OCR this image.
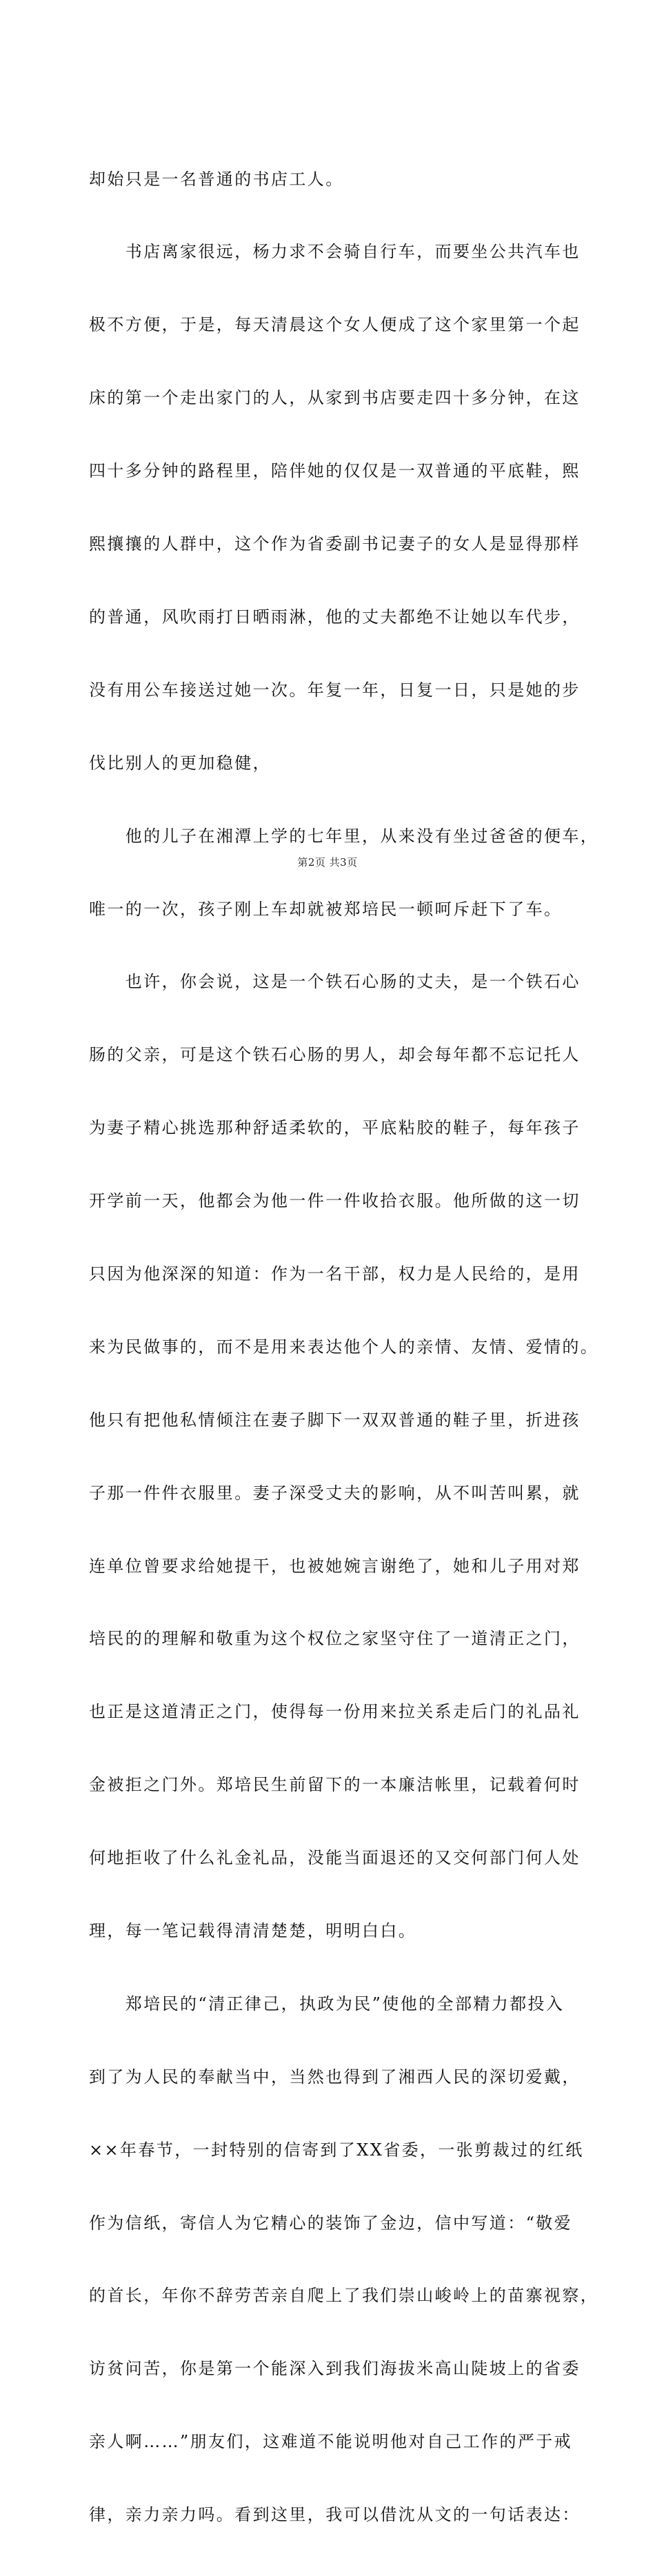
却始只是一名普通的书店工人。

　　书店离家很远，杨力求不会骑自行车，而要坐公共汽车也

极不方便，于是，每天清晨这个女人便成了这个家里第一个起

床的第一个走出家门的人，从家到书店要走四十多分钟，在这

四十多分钟的路程里，陪伴她的仅仅是一双普通的平底鞋，熙

熙攘攘的人群中，这个作为省委副书记妻子的女人是显得那样

的普通，风吹雨打日晒雨淋，他的丈夫都绝不让她以车代步，

没有用公车接送过她一次。年复一年，日复一日，只是她的步

伐比别人的更加稳健，

　　他的儿子在湘潭上学的七年里，从来没有坐过爸爸的便车，

唯一的一次，孩子刚上车却就被郑培民一顿呵斥赶下了车。

　　也许，你会说，这是一个铁石心肠的丈夫，是一个铁石心

肠的父亲，可是这个铁石心肠的男人，却会每年都不忘记托人

为妻子精心挑选那种舒适柔软的，平底粘胶的鞋子，每年孩子

开学前一天，他都会为他一件一件收拾衣服。他所做的这一切

只因为他深深的知道：作为一名干部，权力是人民给的，是用

来为民做事的，而不是用来表达他个人的亲情、友情、爱情的。

他只有把他私情倾注在妻子脚下一双双普通的鞋子里，折进孩

子那一件件衣服里。妻子深受丈夫的影响，从不叫苦叫累，就

连单位曾要求给她提干，也被她婉言谢绝了，她和儿子用对郑

培民的的理解和敬重为这个权位之家坚守住了一道清正之门，

也正是这道清正之门，使得每一份用来拉关系走后门的礼品礼

金被拒之门外。郑培民生前留下的一本廉洁帐里，记载着何时

何地拒收了什么礼金礼品，没能当面退还的又交何部门何人处

理，每一笔记载得清清楚楚，明明白白。

　　郑培民的“清正律己，执政为民”使他的全部精力都投入

到了为人民的奉献当中，当然也得到了湘西人民的深切爱戴，

××年春节，一封特别的信寄到了XX省委，一张剪裁过的红纸

作为信纸，寄信人为它精心的装饰了金边，信中写道：“敬爱

的首长，年你不辞劳苦亲自爬上了我们崇山峻岭上的苗寨视察，

访贫问苦，你是第一个能深入到我们海拔米高山陡坡上的省委

亲人啊……”朋友们，这难道不能说明他对自己工作的严于戒

律，亲力亲力吗。看到这里，我可以借沈从文的一句话表达：

第2页 共3页
